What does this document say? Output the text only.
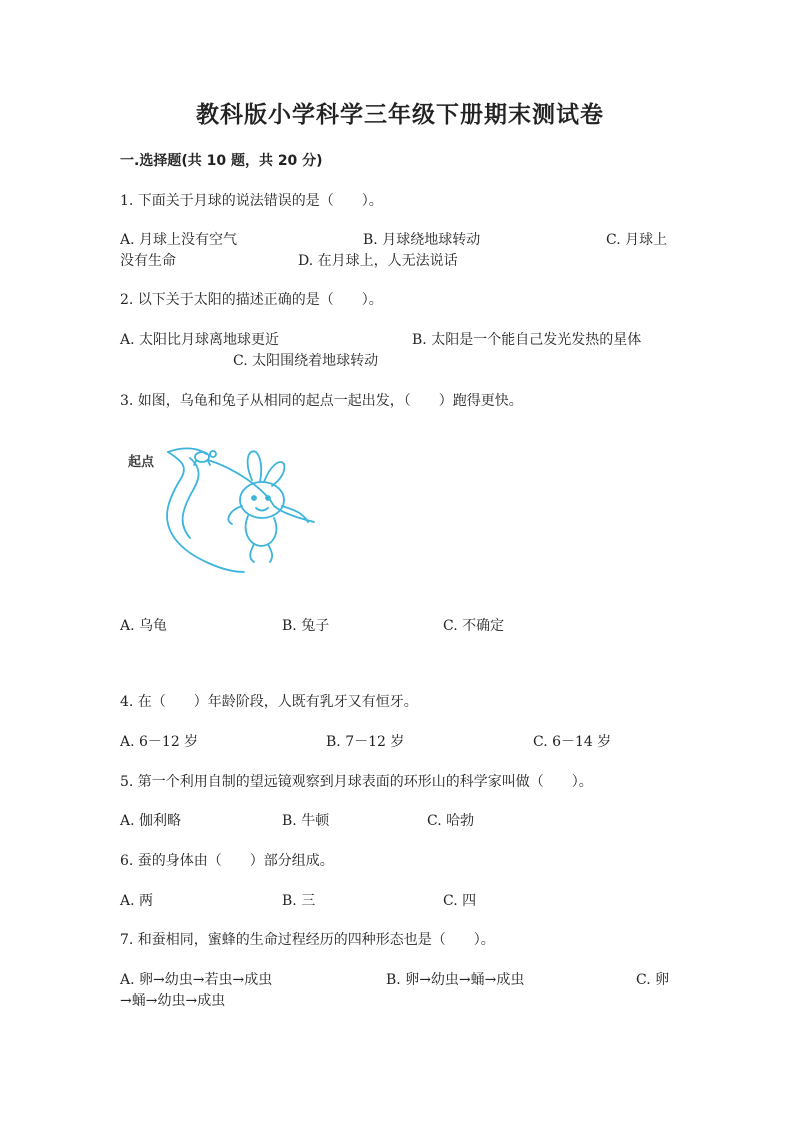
教科版小学科学三年级下册期末测试卷
一.选择题(共 10 题，共 20 分)
1. 下面关于月球的说法错误的是（　　）。
A. 月球上没有空气	B. 月球绕地球转动	C. 月球上
没有生命	D. 在月球上，人无法说话
2. 以下关于太阳的描述正确的是（　　）。
A. 太阳比月球离地球更近	B. 太阳是一个能自己发光发热的星体
C. 太阳围绕着地球转动
3. 如图，乌龟和兔子从相同的起点一起出发，（　　）跑得更快。
起点
A. 乌龟	B. 兔子	C. 不确定
4. 在（　　）年龄阶段，人既有乳牙又有恒牙。
A. 6－12 岁	B. 7－12 岁	C. 6－14 岁
5. 第一个利用自制的望远镜观察到月球表面的环形山的科学家叫做（　　）。
A. 伽利略	B. 牛顿	C. 哈勃
6. 蚕的身体由（　　）部分组成。
A. 两	B. 三	C. 四
7. 和蚕相同，蜜蜂的生命过程经历的四种形态也是（　　）。
A. 卵→幼虫→若虫→成虫	B. 卵→幼虫→蛹→成虫	C. 卵
→蛹→幼虫→成虫
